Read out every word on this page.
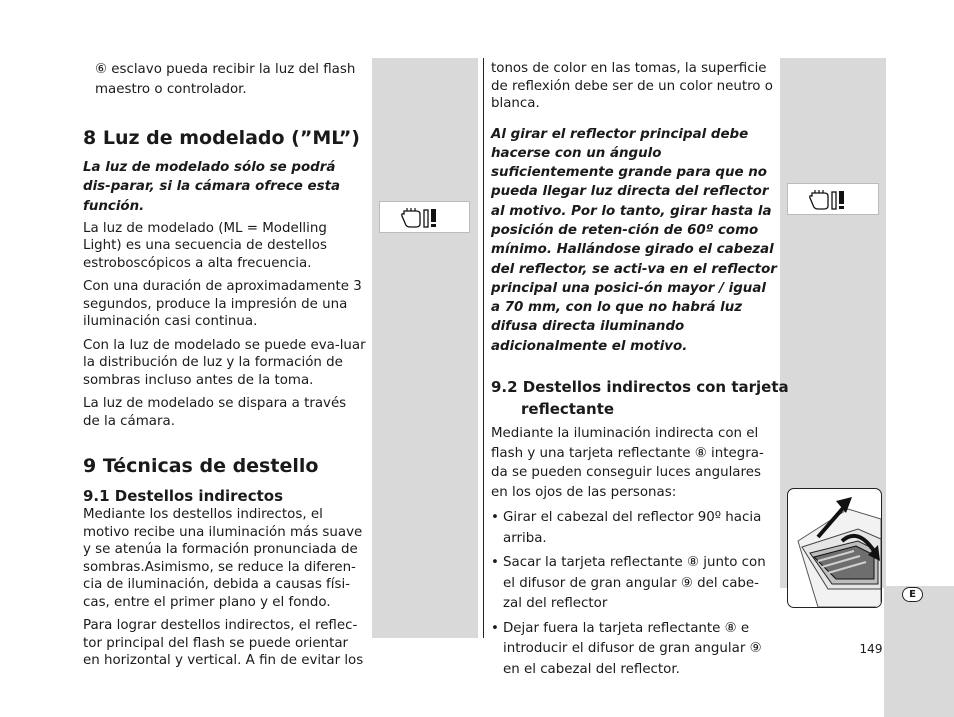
E
149

⑥ esclavo pueda recibir la luz del flash maestro o controlador.

8 Luz de modelado (”ML”)

La luz de modelado sólo se podrá dis-parar, si la cámara ofrece esta función.

La luz de modelado (ML = Modelling Light) es una secuencia de destellos estroboscópicos a alta frecuencia.

Con una duración de aproximadamente 3 segundos, produce la impresión de una iluminación casi continua.

Con la luz de modelado se puede eva-luar la distribución de luz y la formación de sombras incluso antes de la toma.

La luz de modelado se dispara a través de la cámara.

9 Técnicas de destello
9.1 Destellos indirectos

Mediante los destellos indirectos, el motivo recibe una iluminación más suave y se atenúa la formación pronunciada de sombras.Asimismo, se reduce la diferen-cia de iluminación, debida a causas físi-cas, entre el primer plano y el fondo.

Para lograr destellos indirectos, el reflec-tor principal del flash se puede orientar en horizontal y vertical. A fin de evitar los

tonos de color en las tomas, la superficie de reflexión debe ser de un color neutro o blanca.

Al girar el reflector principal debe hacerse con un ángulo suficientemente grande para que no pueda llegar luz directa del reflector al motivo. Por lo tanto, girar hasta la posición de reten-ción de 60º como mínimo. Hallándose girado el cabezal del reflector, se acti-va en el reflector principal una posici-ón mayor / igual a 70 mm, con lo que no habrá luz difusa directa iluminando adicionalmente el motivo.

9.2 Destellos indirectos con tarjeta reflectante

Mediante la iluminación indirecta con el flash y una tarjeta reflectante ⑧ integra-da se pueden conseguir luces angulares en los ojos de las personas:

• Girar el cabezal del reflector 90º hacia arriba.

• Sacar la tarjeta reflectante ⑧ junto con el difusor de gran angular ⑨ del cabe-zal del reflector

• Dejar fuera la tarjeta reflectante ⑧ e introducir el difusor de gran angular ⑨ en el cabezal del reflector.
